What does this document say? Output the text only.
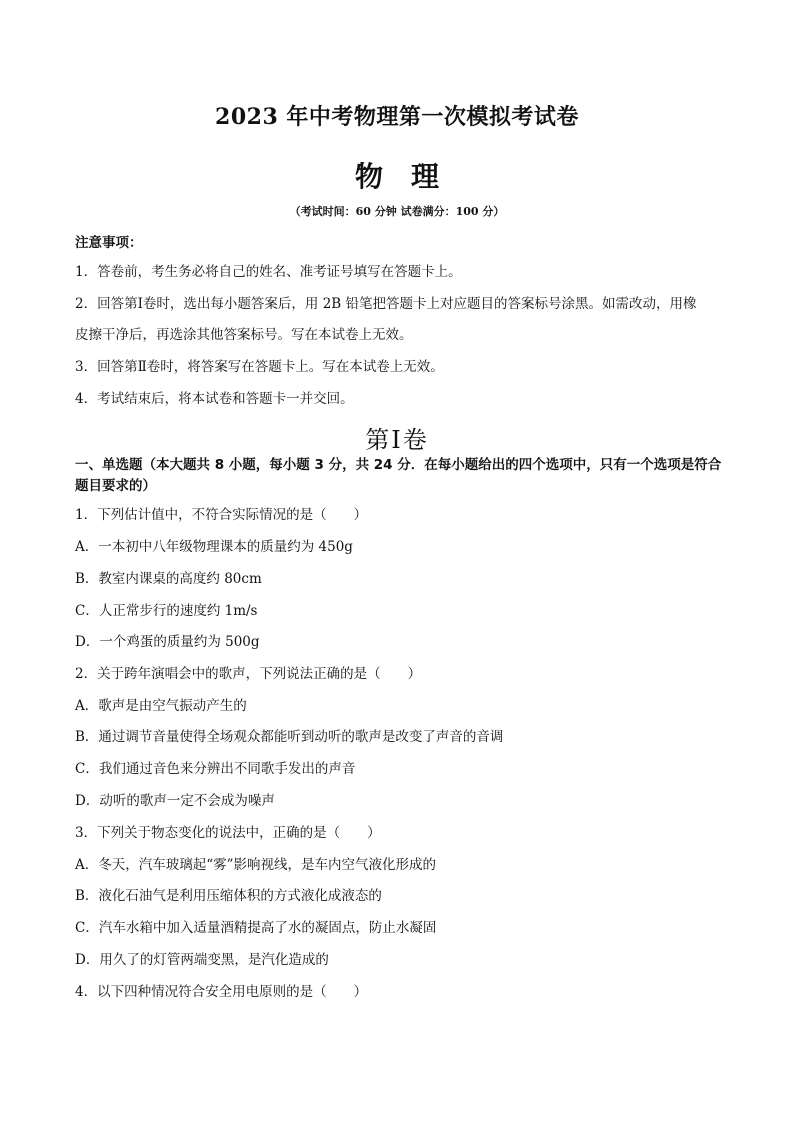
2023 年中考物理第一次模拟考试卷
物理
（考试时间：60 分钟 试卷满分：100 分）
注意事项：
1．答卷前，考生务必将自己的姓名、准考证号填写在答题卡上。
2．回答第Ⅰ卷时，选出每小题答案后，用 2B 铅笔把答题卡上对应题目的答案标号涂黑。如需改动，用橡
皮擦干净后，再选涂其他答案标号。写在本试卷上无效。
3．回答第Ⅱ卷时，将答案写在答题卡上。写在本试卷上无效。
4．考试结束后，将本试卷和答题卡一并交回。
第Ⅰ卷
一、单选题（本大题共 8 小题，每小题 3 分，共 24 分．在每小题给出的四个选项中，只有一个选项是符合
题目要求的）
1．下列估计值中，不符合实际情况的是（　　）
A．一本初中八年级物理课本的质量约为 450g
B．教室内课桌的高度约 80cm
C．人正常步行的速度约 1m/s
D．一个鸡蛋的质量约为 500g
2．关于跨年演唱会中的歌声，下列说法正确的是（　　）
A．歌声是由空气振动产生的
B．通过调节音量使得全场观众都能听到动听的歌声是改变了声音的音调
C．我们通过音色来分辨出不同歌手发出的声音
D．动听的歌声一定不会成为噪声
3．下列关于物态变化的说法中，正确的是（　　）
A．冬天，汽车玻璃起“雾”影响视线，是车内空气液化形成的
B．液化石油气是利用压缩体积的方式液化成液态的
C．汽车水箱中加入适量酒精提高了水的凝固点，防止水凝固
D．用久了的灯管两端变黑，是汽化造成的
4．以下四种情况符合安全用电原则的是（　　）
